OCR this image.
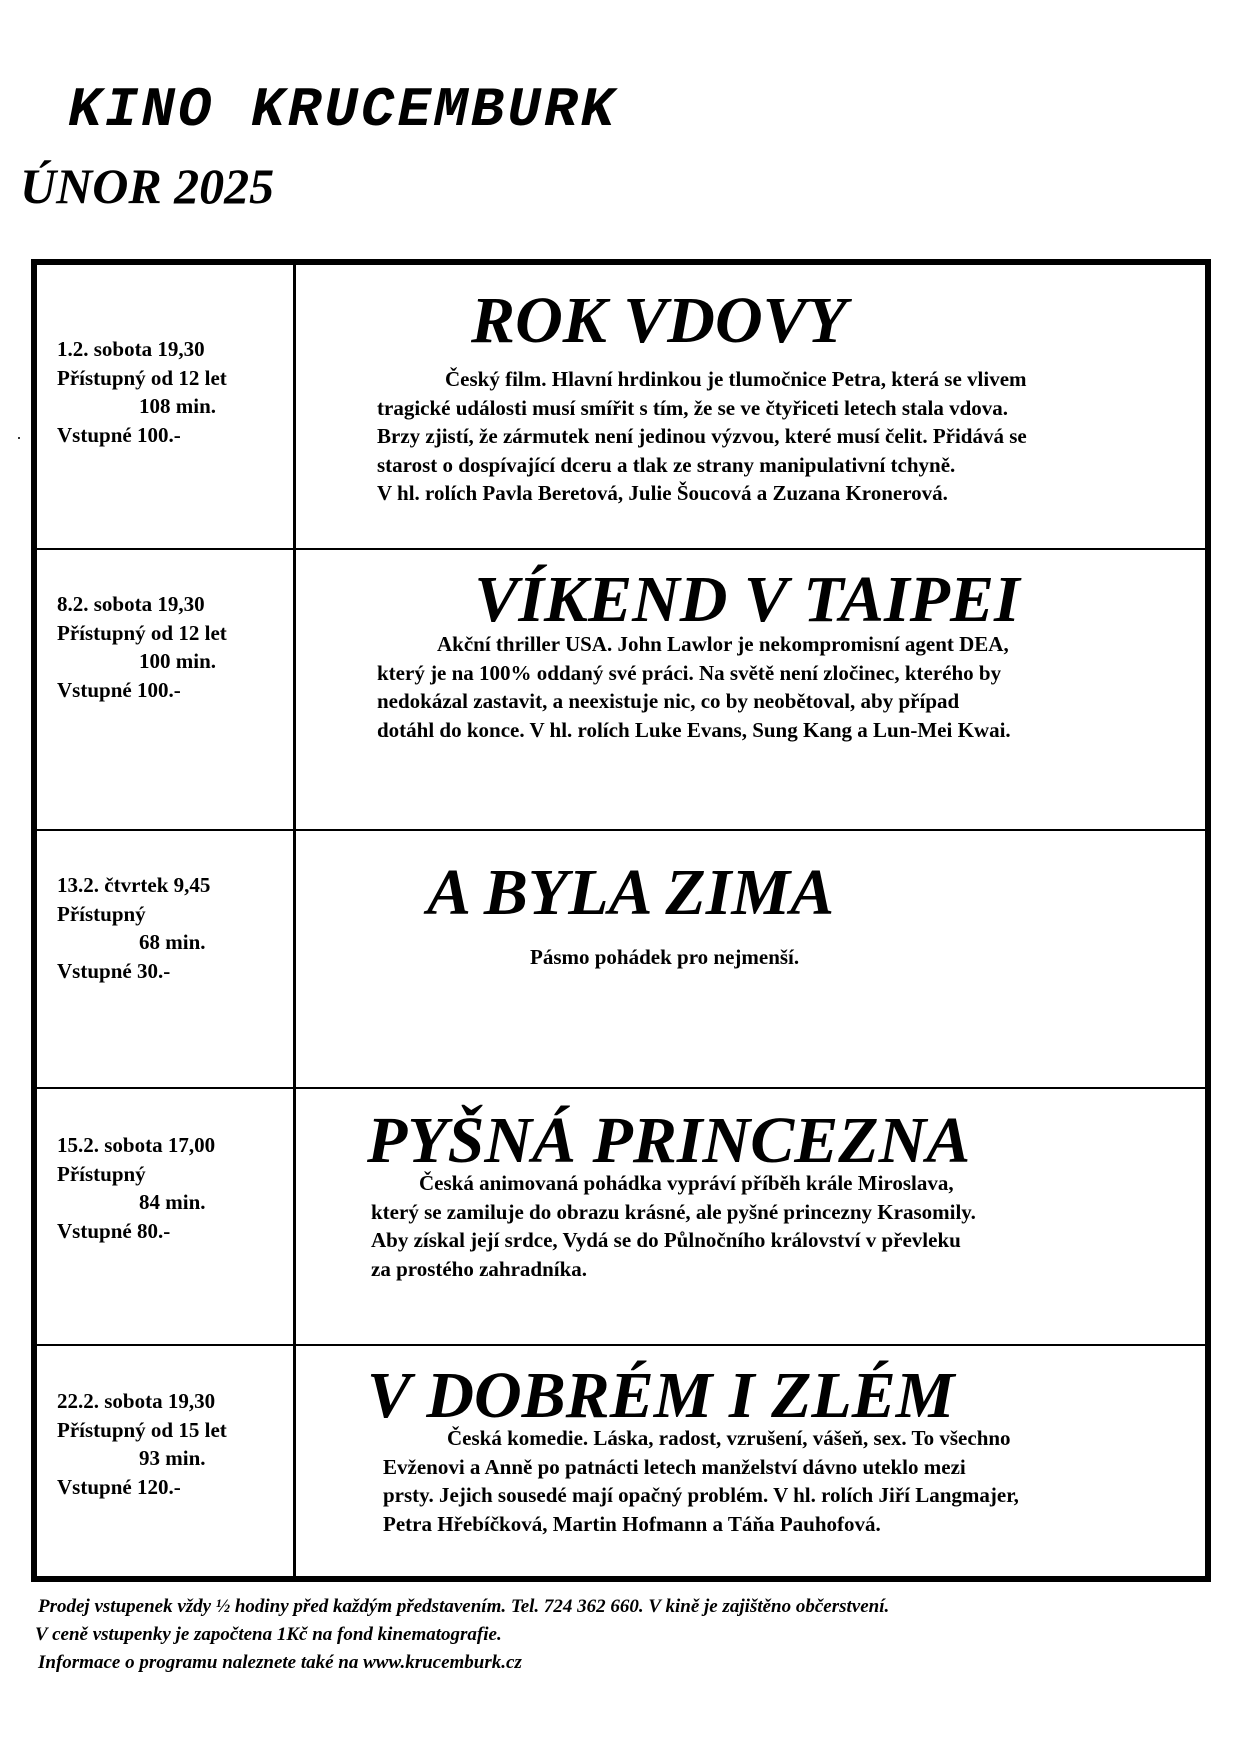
KINO KRUCEMBURK
ÚNOR 2025
1.2. sobota 19,30
Přístupný od 12 let
108 min.
Vstupné 100.-
ROK VDOVY

Český film. Hlavní hrdinkou je tlumočnice Petra, která se vlivem
tragické události musí smířit s tím, že se ve čtyřiceti letech stala vdova.
Brzy zjistí, že zármutek není jedinou výzvou, které musí čelit. Přidává se
starost o dospívající dceru a tlak ze strany manipulativní tchyně.
V hl. rolích Pavla Beretová, Julie Šoucová a Zuzana Kronerová.

8.2. sobota 19,30
Přístupný od 12 let
100 min.
Vstupné 100.-
VÍKEND V TAIPEI

Akční thriller USA. John Lawlor je nekompromisní agent DEA,
který je na 100% oddaný své práci. Na světě není zločinec, kterého by
nedokázal zastavit, a neexistuje nic, co by neobětoval, aby případ
dotáhl do konce. V hl. rolích Luke Evans, Sung Kang a Lun-Mei Kwai.

13.2. čtvrtek 9,45
Přístupný
68 min.
Vstupné 30.-
A BYLA ZIMA

Pásmo pohádek pro nejmenší.

15.2. sobota 17,00
Přístupný
84 min.
Vstupné 80.-
PYŠNÁ PRINCEZNA

Česká animovaná pohádka vypráví příběh krále Miroslava,
který se zamiluje do obrazu krásné, ale pyšné princezny Krasomily.
Aby získal její srdce, Vydá se do Půlnočního království v převleku
za prostého zahradníka.

22.2. sobota 19,30
Přístupný od 15 let
93 min.
Vstupné 120.-
V DOBRÉM I ZLÉM

Česká komedie. Láska, radost, vzrušení, vášeň, sex. To všechno
Evženovi a Anně po patnácti letech manželství dávno uteklo mezi
prsty. Jejich sousedé mají opačný problém. V hl. rolích Jiří Langmajer,
Petra Hřebíčková, Martin Hofmann a Táňa Pauhofová.

Prodej vstupenek vždy ½ hodiny před každým představením. Tel. 724 362 660. V kině je zajištěno občerstvení.
V ceně vstupenky je započtena 1Kč na fond kinematografie.
Informace o programu naleznete také na www.krucemburk.cz
